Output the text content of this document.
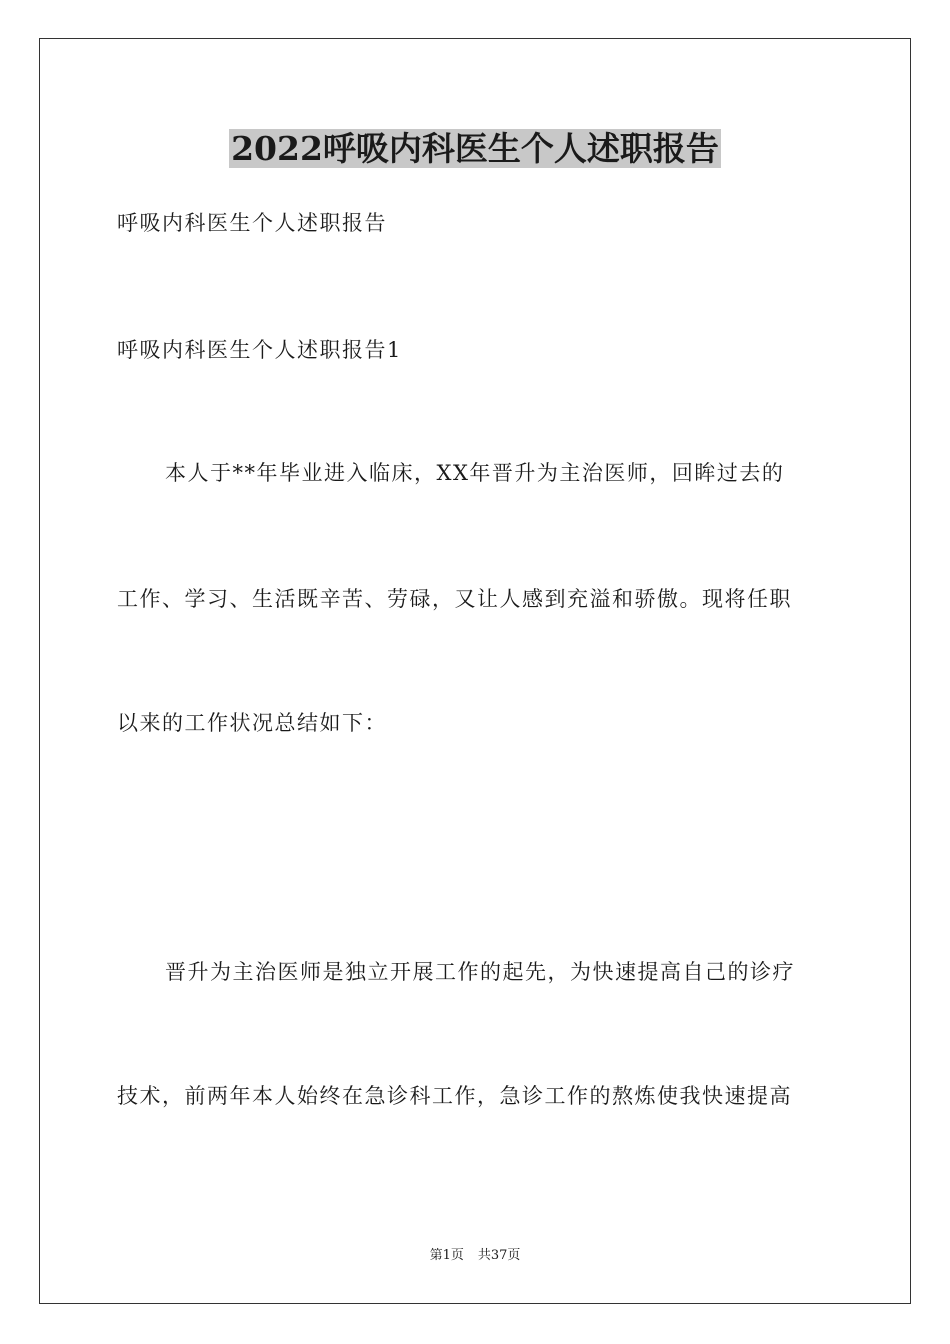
2022呼吸内科医生个人述职报告
呼吸内科医生个人述职报告
呼吸内科医生个人述职报告1
本人于**年毕业进入临床，XX年晋升为主治医师，回眸过去的
工作、学习、生活既辛苦、劳碌，又让人感到充溢和骄傲。现将任职
以来的工作状况总结如下：
晋升为主治医师是独立开展工作的起先，为快速提高自己的诊疗
技术，前两年本人始终在急诊科工作，急诊工作的熬炼使我快速提高
第1页 共37页
